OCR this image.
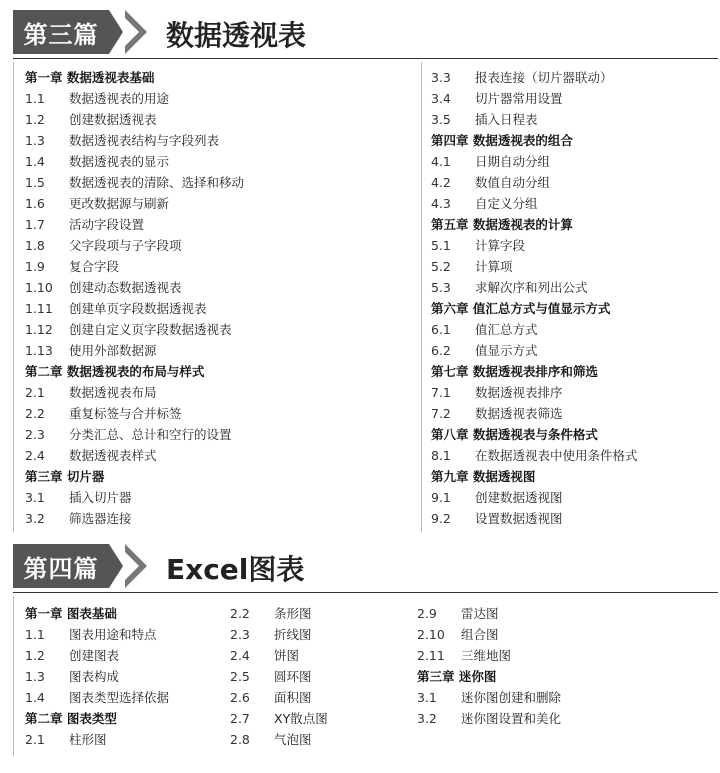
第三篇	数据透视表
第一章 数据透视表基础
1.1	数据透视表的用途
1.2	创建数据透视表
1.3	数据透视表结构与字段列表
1.4	数据透视表的显示
1.5	数据透视表的清除、选择和移动
1.6	更改数据源与刷新
1.7	活动字段设置
1.8	父字段项与子字段项
1.9	复合字段
1.10	创建动态数据透视表
1.11	创建单页字段数据透视表
1.12	创建自定义页字段数据透视表
1.13	使用外部数据源
第二章 数据透视表的布局与样式
2.1	数据透视表布局
2.2	重复标签与合并标签
2.3	分类汇总、总计和空行的设置
2.4	数据透视表样式
第三章 切片器
3.1	插入切片器
3.2	筛选器连接
3.3	报表连接（切片器联动）
3.4	切片器常用设置
3.5	插入日程表
第四章 数据透视表的组合
4.1	日期自动分组
4.2	数值自动分组
4.3	自定义分组
第五章 数据透视表的计算
5.1	计算字段
5.2	计算项
5.3	求解次序和列出公式
第六章 值汇总方式与值显示方式
6.1	值汇总方式
6.2	值显示方式
第七章 数据透视表排序和筛选
7.1	数据透视表排序
7.2	数据透视表筛选
第八章 数据透视表与条件格式
8.1	在数据透视表中使用条件格式
第九章 数据透视图
9.1	创建数据透视图
9.2	设置数据透视图
第四篇	Excel图表
第一章 图表基础
1.1	图表用途和特点
1.2	创建图表
1.3	图表构成
1.4	图表类型选择依据
第二章 图表类型
2.1	柱形图
2.2	条形图
2.3	折线图
2.4	饼图
2.5	圆环图
2.6	面积图
2.7	XY散点图
2.8	气泡图
2.9	雷达图
2.10	组合图
2.11	三维地图
第三章 迷你图
3.1	迷你图创建和删除
3.2	迷你图设置和美化
